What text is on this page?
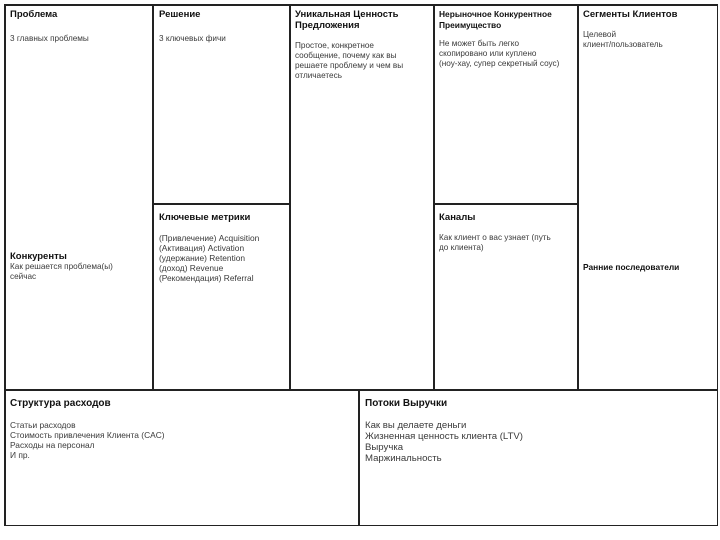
Проблема
3 главных проблемы
Конкуренты
Как решается проблема(ы)
сейчас
Решение
3 ключевых фичи
Ключевые метрики
(Привлечение) Acquisition
(Активация) Activation
(удержание) Retention
(доход) Revenue
(Рекомендация) Referral
Уникальная Ценность
Предложения
Простое, конкретное
сообщение, почему как вы
решаете проблему и чем вы
отличаетесь
Нерыночное Конкурентное
Преимущество
Не может быть легко
скопировано или куплено
(ноу-хау, супер секретный соус)
Каналы
Как клиент о вас узнает (путь
до клиента)
Сегменты Клиентов
Целевой
клиент/пользователь
Ранние последователи
Структура расходов
Статьи расходов
Стоимость привлечения Клиента (CAC)
Расходы на персонал
И пр.
Потоки Выручки
Как вы делаете деньги
Жизненная ценность клиента (LTV)
Выручка
Маржинальность
